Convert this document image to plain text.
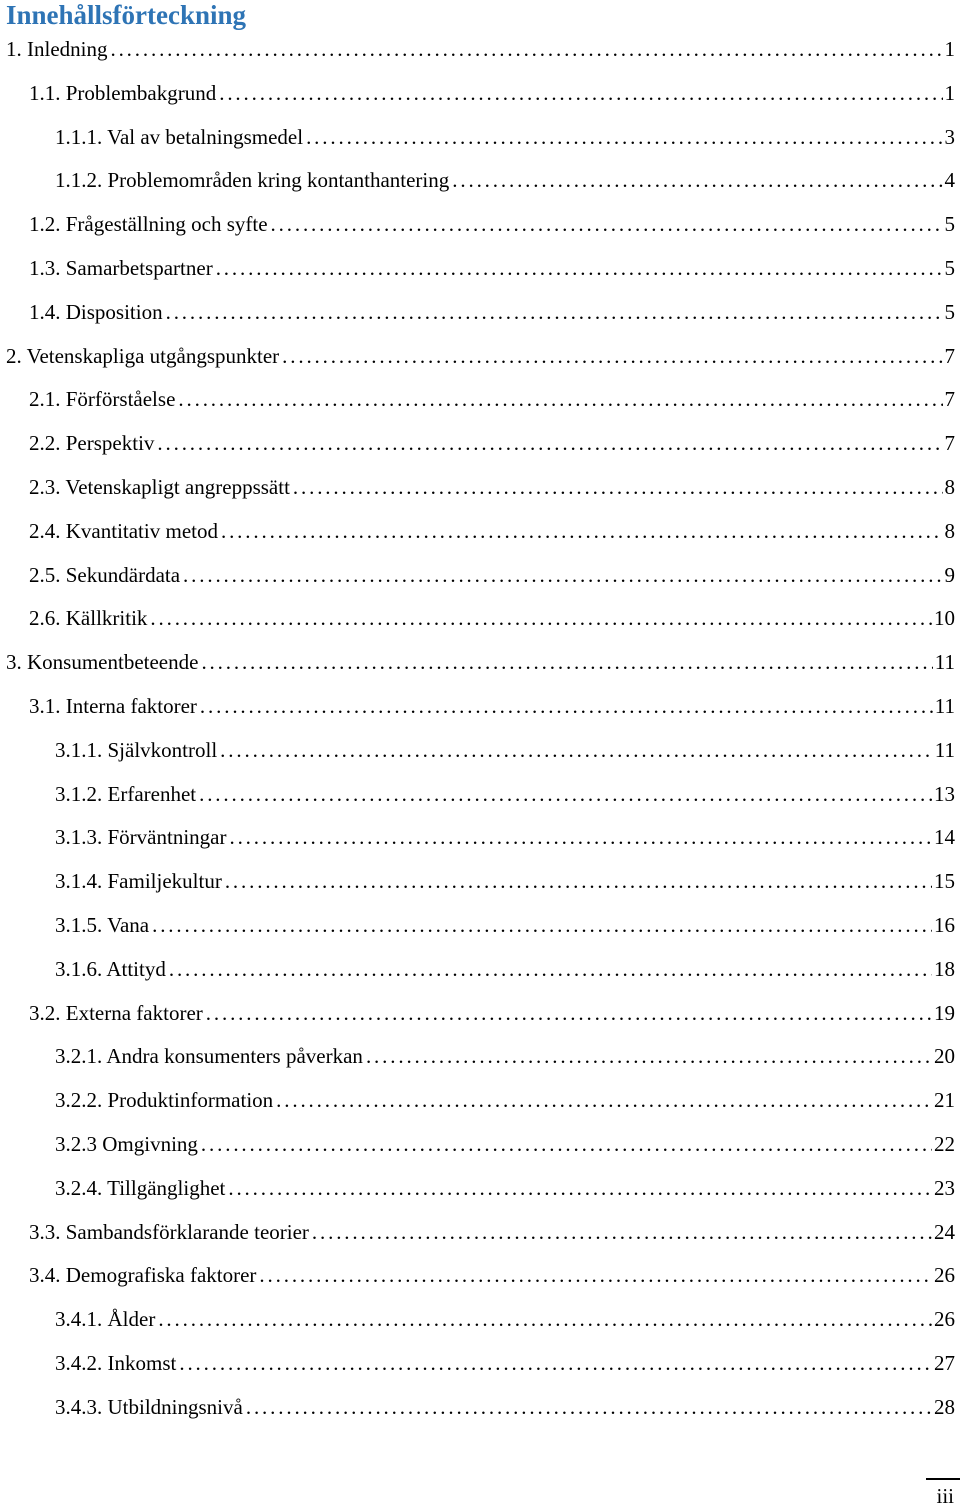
Innehållsförteckning
1. Inledning . . .	1
1.1. Problembakgrund . . .	1
1.1.1. Val av betalningsmedel . . .	3
1.1.2. Problemområden kring kontanthantering . . .	4
1.2. Frågeställning och syfte . . .	5
1.3. Samarbetspartner . . .	5
1.4. Disposition . . .	5
2. Vetenskapliga utgångspunkter . . .	7
2.1. Förförståelse . . .	7
2.2. Perspektiv . . .	7
2.3. Vetenskapligt angreppssätt . . .	8
2.4. Kvantitativ metod . . .	8
2.5. Sekundärdata . . .	9
2.6. Källkritik . . .	10
3. Konsumentbeteende . . .	11
3.1. Interna faktorer . . .	11
3.1.1. Självkontroll . . .	11
3.1.2. Erfarenhet . . .	13
3.1.3. Förväntningar . . .	14
3.1.4. Familjekultur . . .	15
3.1.5. Vana . . .	16
3.1.6. Attityd . . .	18
3.2. Externa faktorer . . .	19
3.2.1. Andra konsumenters påverkan . . .	20
3.2.2. Produktinformation . . .	21
3.2.3 Omgivning . . .	22
3.2.4. Tillgänglighet . . .	23
3.3. Sambandsförklarande teorier . . .	24
3.4. Demografiska faktorer . . .	26
3.4.1. Ålder . . .	26
3.4.2. Inkomst . . .	27
3.4.3. Utbildningsnivå . . .	28
iii
